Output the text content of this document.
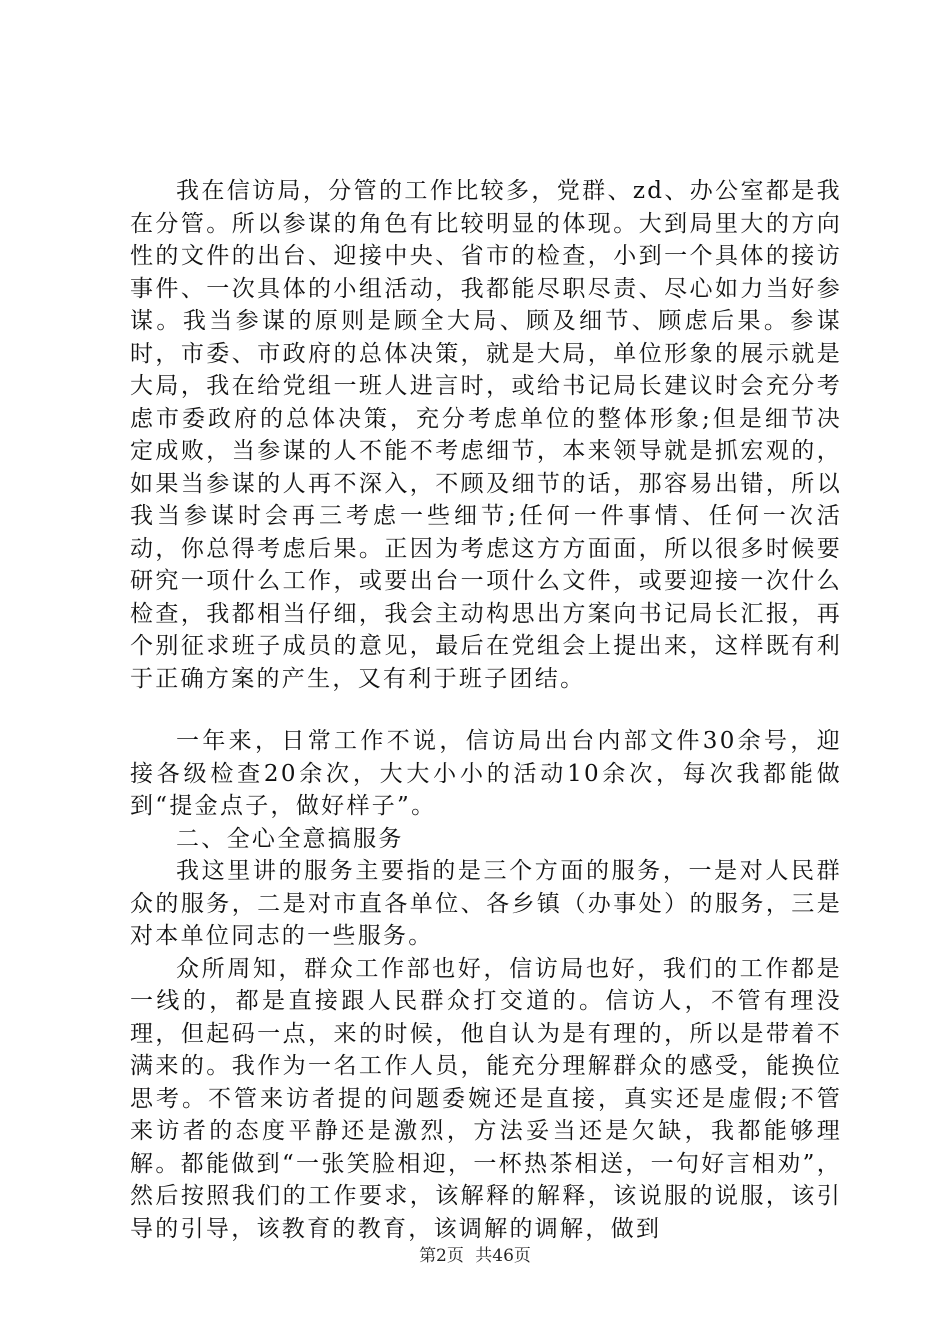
我在信访局，分管的工作比较多，党群、zd、办公室都是我在分管。所以参谋的角色有比较明显的体现。大到局里大的方向性的文件的出台、迎接中央、省市的检查，小到一个具体的接访事件、一次具体的小组活动，我都能尽职尽责、尽心如力当好参谋。我当参谋的原则是顾全大局、顾及细节、顾虑后果。参谋时，市委、市政府的总体决策，就是大局，单位形象的展示就是大局，我在给党组一班人进言时，或给书记局长建议时会充分考虑市委政府的总体决策，充分考虑单位的整体形象;但是细节决定成败，当参谋的人不能不考虑细节，本来领导就是抓宏观的，如果当参谋的人再不深入，不顾及细节的话，那容易出错，所以我当参谋时会再三考虑一些细节;任何一件事情、任何一次活动，你总得考虑后果。正因为考虑这方方面面，所以很多时候要研究一项什么工作，或要出台一项什么文件，或要迎接一次什么检查，我都相当仔细，我会主动构思出方案向书记局长汇报，再个别征求班子成员的意见，最后在党组会上提出来，这样既有利于正确方案的产生，又有利于班子团结。

一年来，日常工作不说，信访局出台内部文件30余号，迎接各级检查20余次，大大小小的活动10余次，每次我都能做到“提金点子，做好样子”。

二、全心全意搞服务

我这里讲的服务主要指的是三个方面的服务，一是对人民群众的服务，二是对市直各单位、各乡镇（办事处）的服务，三是对本单位同志的一些服务。

众所周知，群众工作部也好，信访局也好，我们的工作都是一线的，都是直接跟人民群众打交道的。信访人，不管有理没理，但起码一点，来的时候，他自认为是有理的，所以是带着不满来的。我作为一名工作人员，能充分理解群众的感受，能换位思考。不管来访者提的问题委婉还是直接，真实还是虚假;不管来访者的态度平静还是激烈，方法妥当还是欠缺，我都能够理解。都能做到“一张笑脸相迎，一杯热茶相送，一句好言相劝”，然后按照我们的工作要求，该解释的解释，该说服的说服，该引导的引导，该教育的教育，该调解的调解，做到

第2页 共46页
